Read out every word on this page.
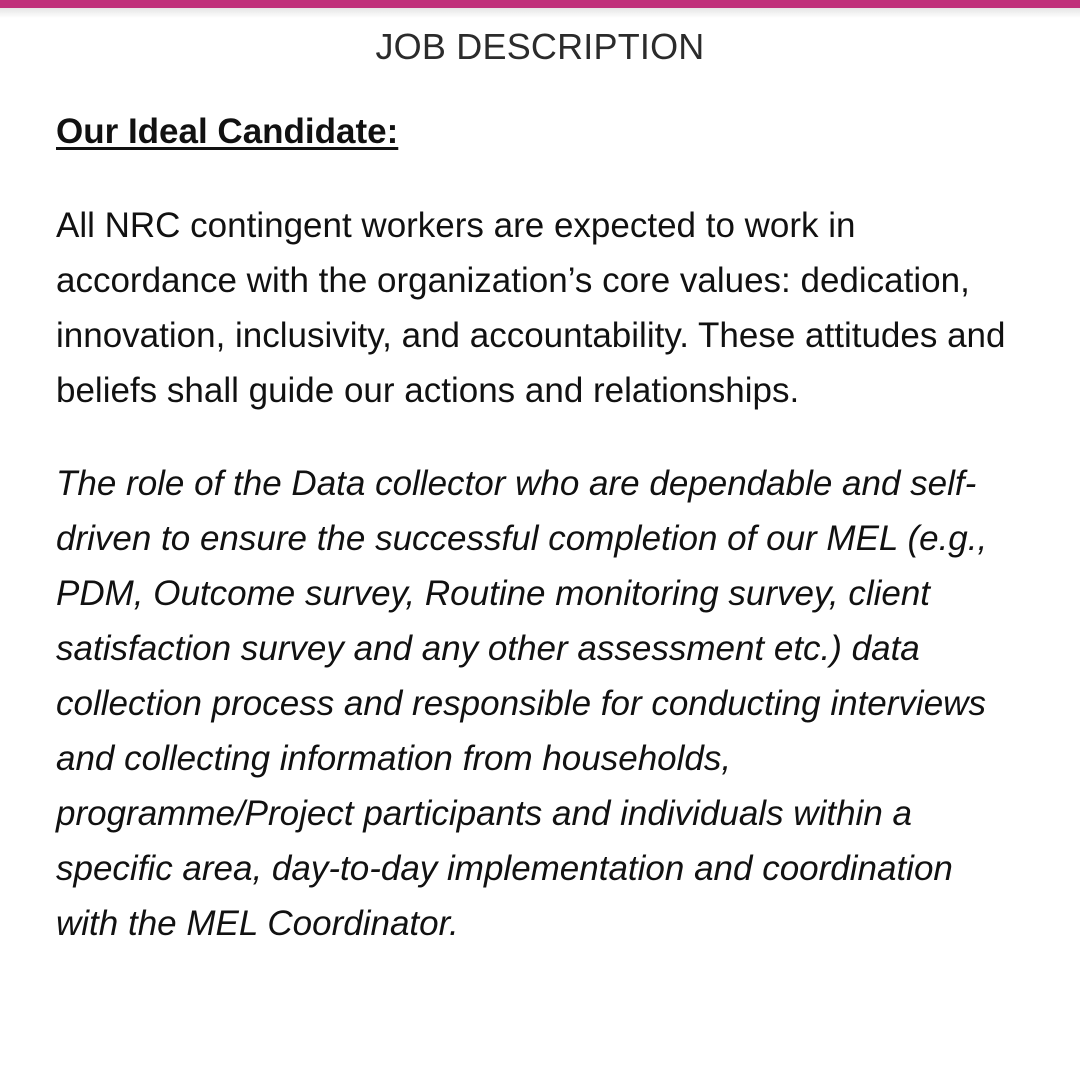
JOB DESCRIPTION
Our Ideal Candidate:

All NRC contingent workers are expected to work in accordance with the organization’s core values: dedication, innovation, inclusivity, and accountability. These attitudes and beliefs shall guide our actions and relationships.

The role of the Data collector who are dependable and self-driven to ensure the successful completion of our MEL (e.g., PDM, Outcome survey, Routine monitoring survey, client satisfaction survey and any other assessment etc.) data collection process and responsible for conducting interviews and collecting information from households, programme/Project participants and individuals within a specific area, day-to-day implementation and coordination with the MEL Coordinator.
